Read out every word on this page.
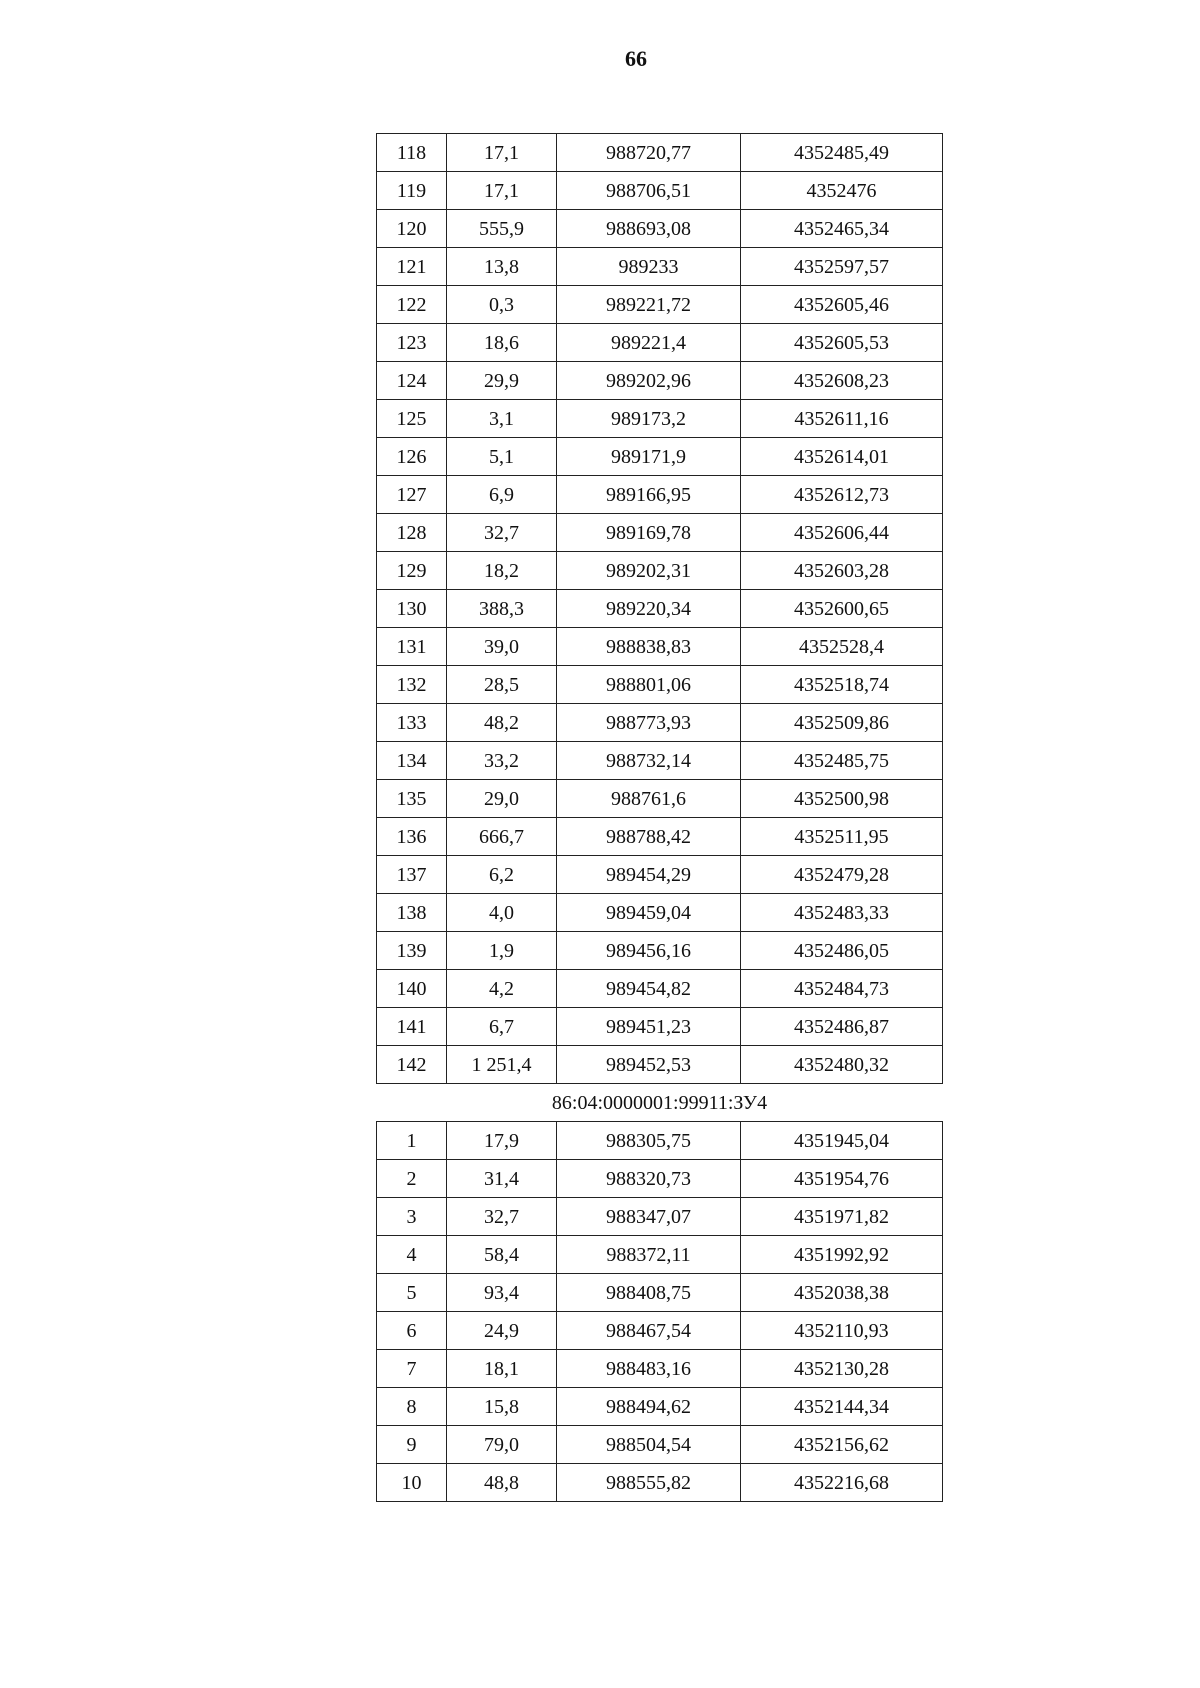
66
118	17,1	988720,77	4352485,49
119	17,1	988706,51	4352476
120	555,9	988693,08	4352465,34
121	13,8	989233	4352597,57
122	0,3	989221,72	4352605,46
123	18,6	989221,4	4352605,53
124	29,9	989202,96	4352608,23
125	3,1	989173,2	4352611,16
126	5,1	989171,9	4352614,01
127	6,9	989166,95	4352612,73
128	32,7	989169,78	4352606,44
129	18,2	989202,31	4352603,28
130	388,3	989220,34	4352600,65
131	39,0	988838,83	4352528,4
132	28,5	988801,06	4352518,74
133	48,2	988773,93	4352509,86
134	33,2	988732,14	4352485,75
135	29,0	988761,6	4352500,98
136	666,7	988788,42	4352511,95
137	6,2	989454,29	4352479,28
138	4,0	989459,04	4352483,33
139	1,9	989456,16	4352486,05
140	4,2	989454,82	4352484,73
141	6,7	989451,23	4352486,87
142	1 251,4	989452,53	4352480,32
86:04:0000001:99911:ЗУ4			
1	17,9	988305,75	4351945,04
2	31,4	988320,73	4351954,76
3	32,7	988347,07	4351971,82
4	58,4	988372,11	4351992,92
5	93,4	988408,75	4352038,38
6	24,9	988467,54	4352110,93
7	18,1	988483,16	4352130,28
8	15,8	988494,62	4352144,34
9	79,0	988504,54	4352156,62
10	48,8	988555,82	4352216,68
